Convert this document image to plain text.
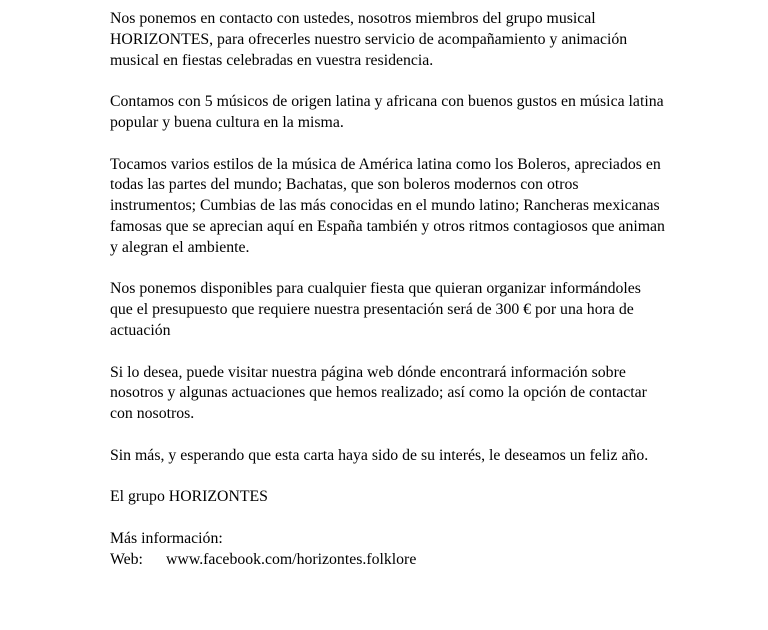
Nos ponemos en contacto con ustedes, nosotros miembros del grupo musical HORIZONTES, para ofrecerles nuestro servicio de acompañamiento y animación musical en fiestas celebradas en vuestra residencia.

Contamos con 5 músicos de origen latina y africana con buenos gustos en música latina popular y buena cultura en la misma.

Tocamos varios estilos de la música de América latina como los Boleros, apreciados en todas las partes del mundo; Bachatas, que son boleros modernos con otros instrumentos; Cumbias de las más conocidas en el mundo latino; Rancheras mexicanas famosas que se aprecian aquí en España también y otros ritmos contagiosos que animan y alegran el ambiente.

Nos ponemos disponibles para cualquier fiesta que quieran organizar informándoles que el presupuesto que requiere nuestra presentación será de 300 € por una hora de actuación

Si lo desea, puede visitar nuestra página web dónde encontrará información sobre nosotros y algunas actuaciones que hemos realizado; así como la opción de contactar con nosotros.

Sin más, y esperando que esta carta haya sido de su interés, le deseamos un feliz año.

El grupo HORIZONTES

Más información:

Web: www.facebook.com/horizontes.folklore
